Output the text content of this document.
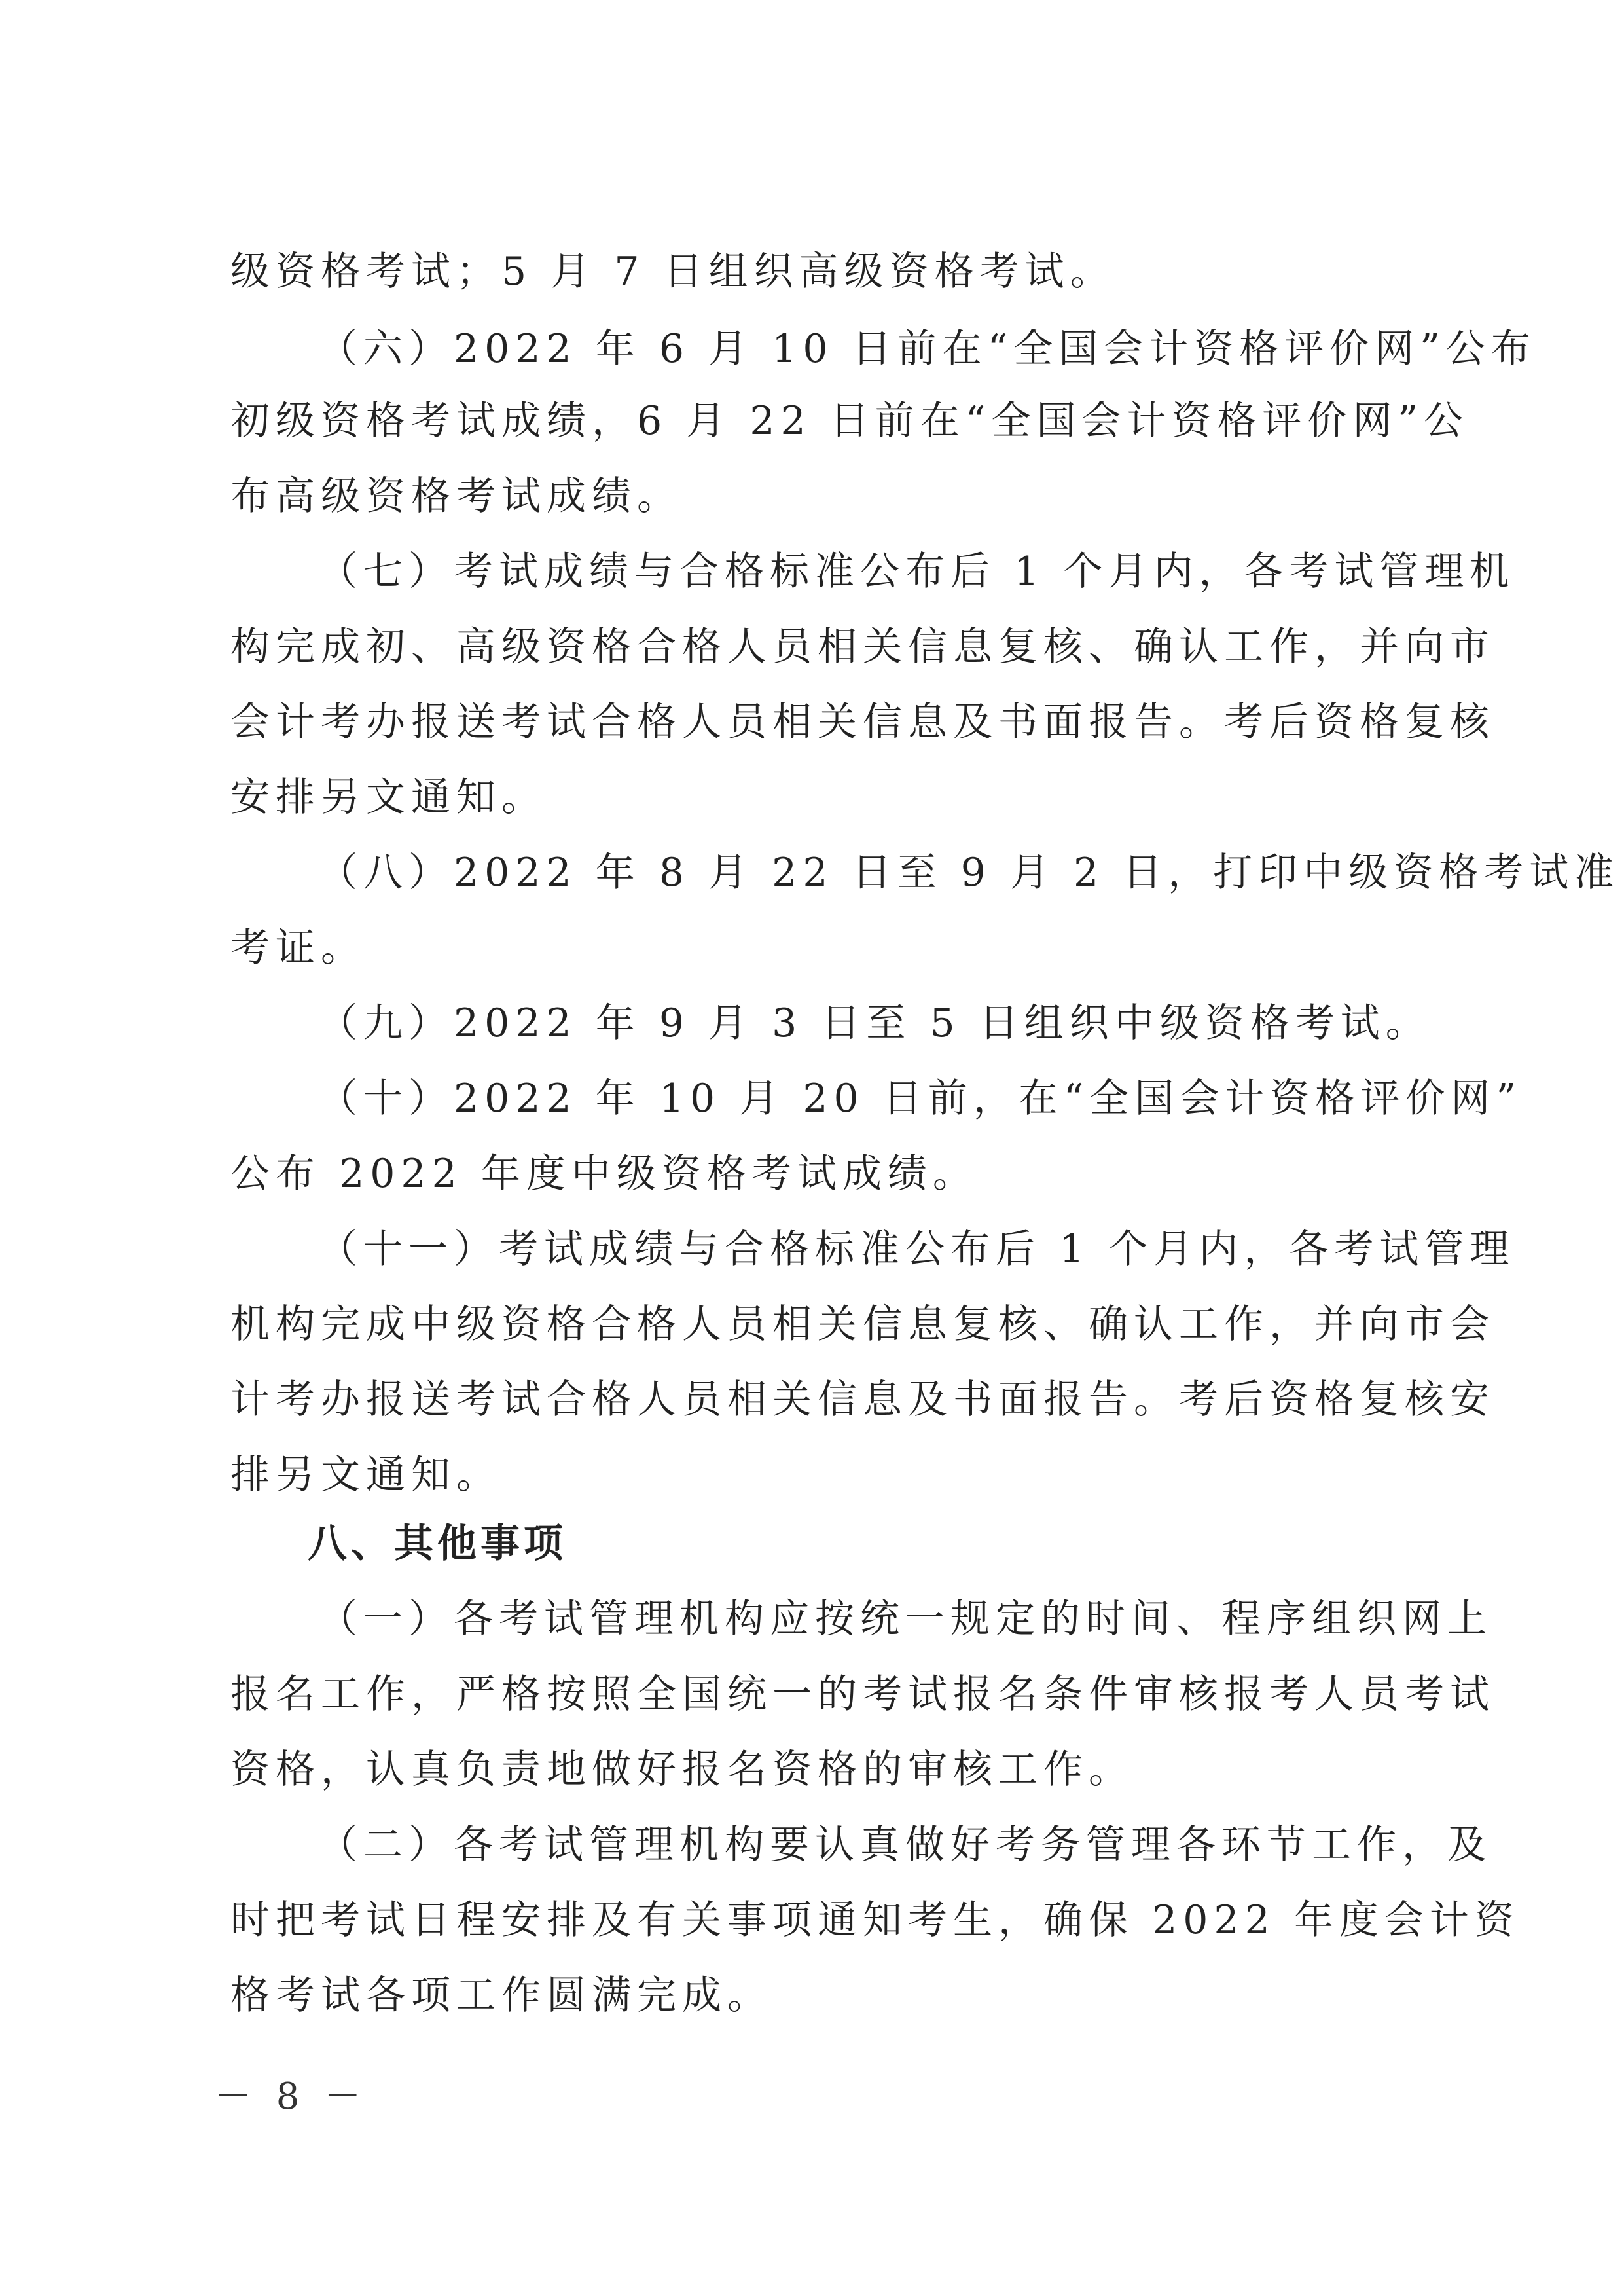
级资格考试；5 月 7 日组织高级资格考试。

（六）2022 年 6 月 10 日前在“全国会计资格评价网”公布

初级资格考试成绩，6 月 22 日前在“全国会计资格评价网”公

布高级资格考试成绩。

（七）考试成绩与合格标准公布后 1 个月内，各考试管理机

构完成初、高级资格合格人员相关信息复核、确认工作，并向市

会计考办报送考试合格人员相关信息及书面报告。考后资格复核

安排另文通知。

（八）2022 年 8 月 22 日至 9 月 2 日，打印中级资格考试准

考证。

（九）2022 年 9 月 3 日至 5 日组织中级资格考试。

（十）2022 年 10 月 20 日前，在“全国会计资格评价网”

公布 2022 年度中级资格考试成绩。

（十一）考试成绩与合格标准公布后 1 个月内，各考试管理

机构完成中级资格合格人员相关信息复核、确认工作，并向市会

计考办报送考试合格人员相关信息及书面报告。考后资格复核安

排另文通知。

八、其他事项

（一）各考试管理机构应按统一规定的时间、程序组织网上

报名工作，严格按照全国统一的考试报名条件审核报考人员考试

资格，认真负责地做好报名资格的审核工作。

（二）各考试管理机构要认真做好考务管理各环节工作，及

时把考试日程安排及有关事项通知考生，确保 2022 年度会计资

格考试各项工作圆满完成。

－ 8 －
